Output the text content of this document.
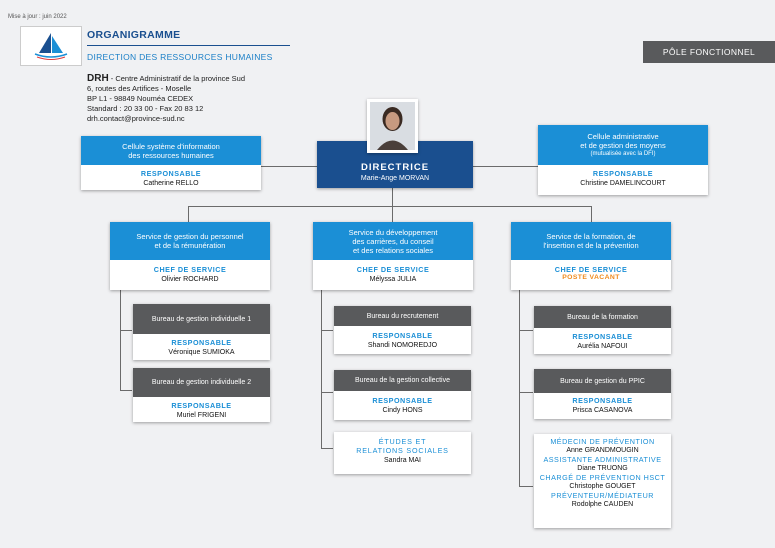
Mise à jour : juin 2022
ORGANIGRAMME
DIRECTION DES RESSOURCES HUMAINES	PÔLE FONCTIONNEL
DRH - Centre Administratif de la province Sud
6, routes des Artifices - Moselle
BP L1 - 98849 Nouméa CEDEX
Standard : 20 33 00 - Fax 20 83 12
drh.contact@province-sud.nc
Cellule système d'information
des ressources humaines
RESPONSABLE
Catherine RELLO
Cellule administrative
et de gestion des moyens
(mutualisée avec la DFI)
RESPONSABLE
Christine DAMELINCOURT
DIRECTRICE
Marie-Ange MORVAN
Service de gestion du personnel
et de la rémunération
CHEF DE SERVICE
Olivier ROCHARD
Service du développement
des carrières, du conseil
et des relations sociales
CHEF DE SERVICE
Mélyssa JULIA
Service de la formation, de
l'insertion et de la prévention
CHEF DE SERVICE
POSTE VACANT
Bureau de gestion individuelle 1
RESPONSABLE
Véronique SUMIOKA
Bureau de gestion individuelle 2
RESPONSABLE
Muriel FRIGENI
Bureau du recrutement
RESPONSABLE
Shandi NOMOREDJO
Bureau de la gestion collective
RESPONSABLE
Cindy HONS
ÉTUDES ET
RELATIONS SOCIALES
Sandra MAI
Bureau de la formation
RESPONSABLE
Aurélia NAFOUI
Bureau de gestion du PPIC
RESPONSABLE
Prisca CASANOVA
MÉDECIN DE PRÉVENTION
Anne GRANDMOUGIN
ASSISTANTE ADMINISTRATIVE
Diane TRUONG
CHARGÉ DE PRÉVENTION HSCT
Christophe GOUGET
PRÉVENTEUR/MÉDIATEUR
Rodolphe CAUDEN
